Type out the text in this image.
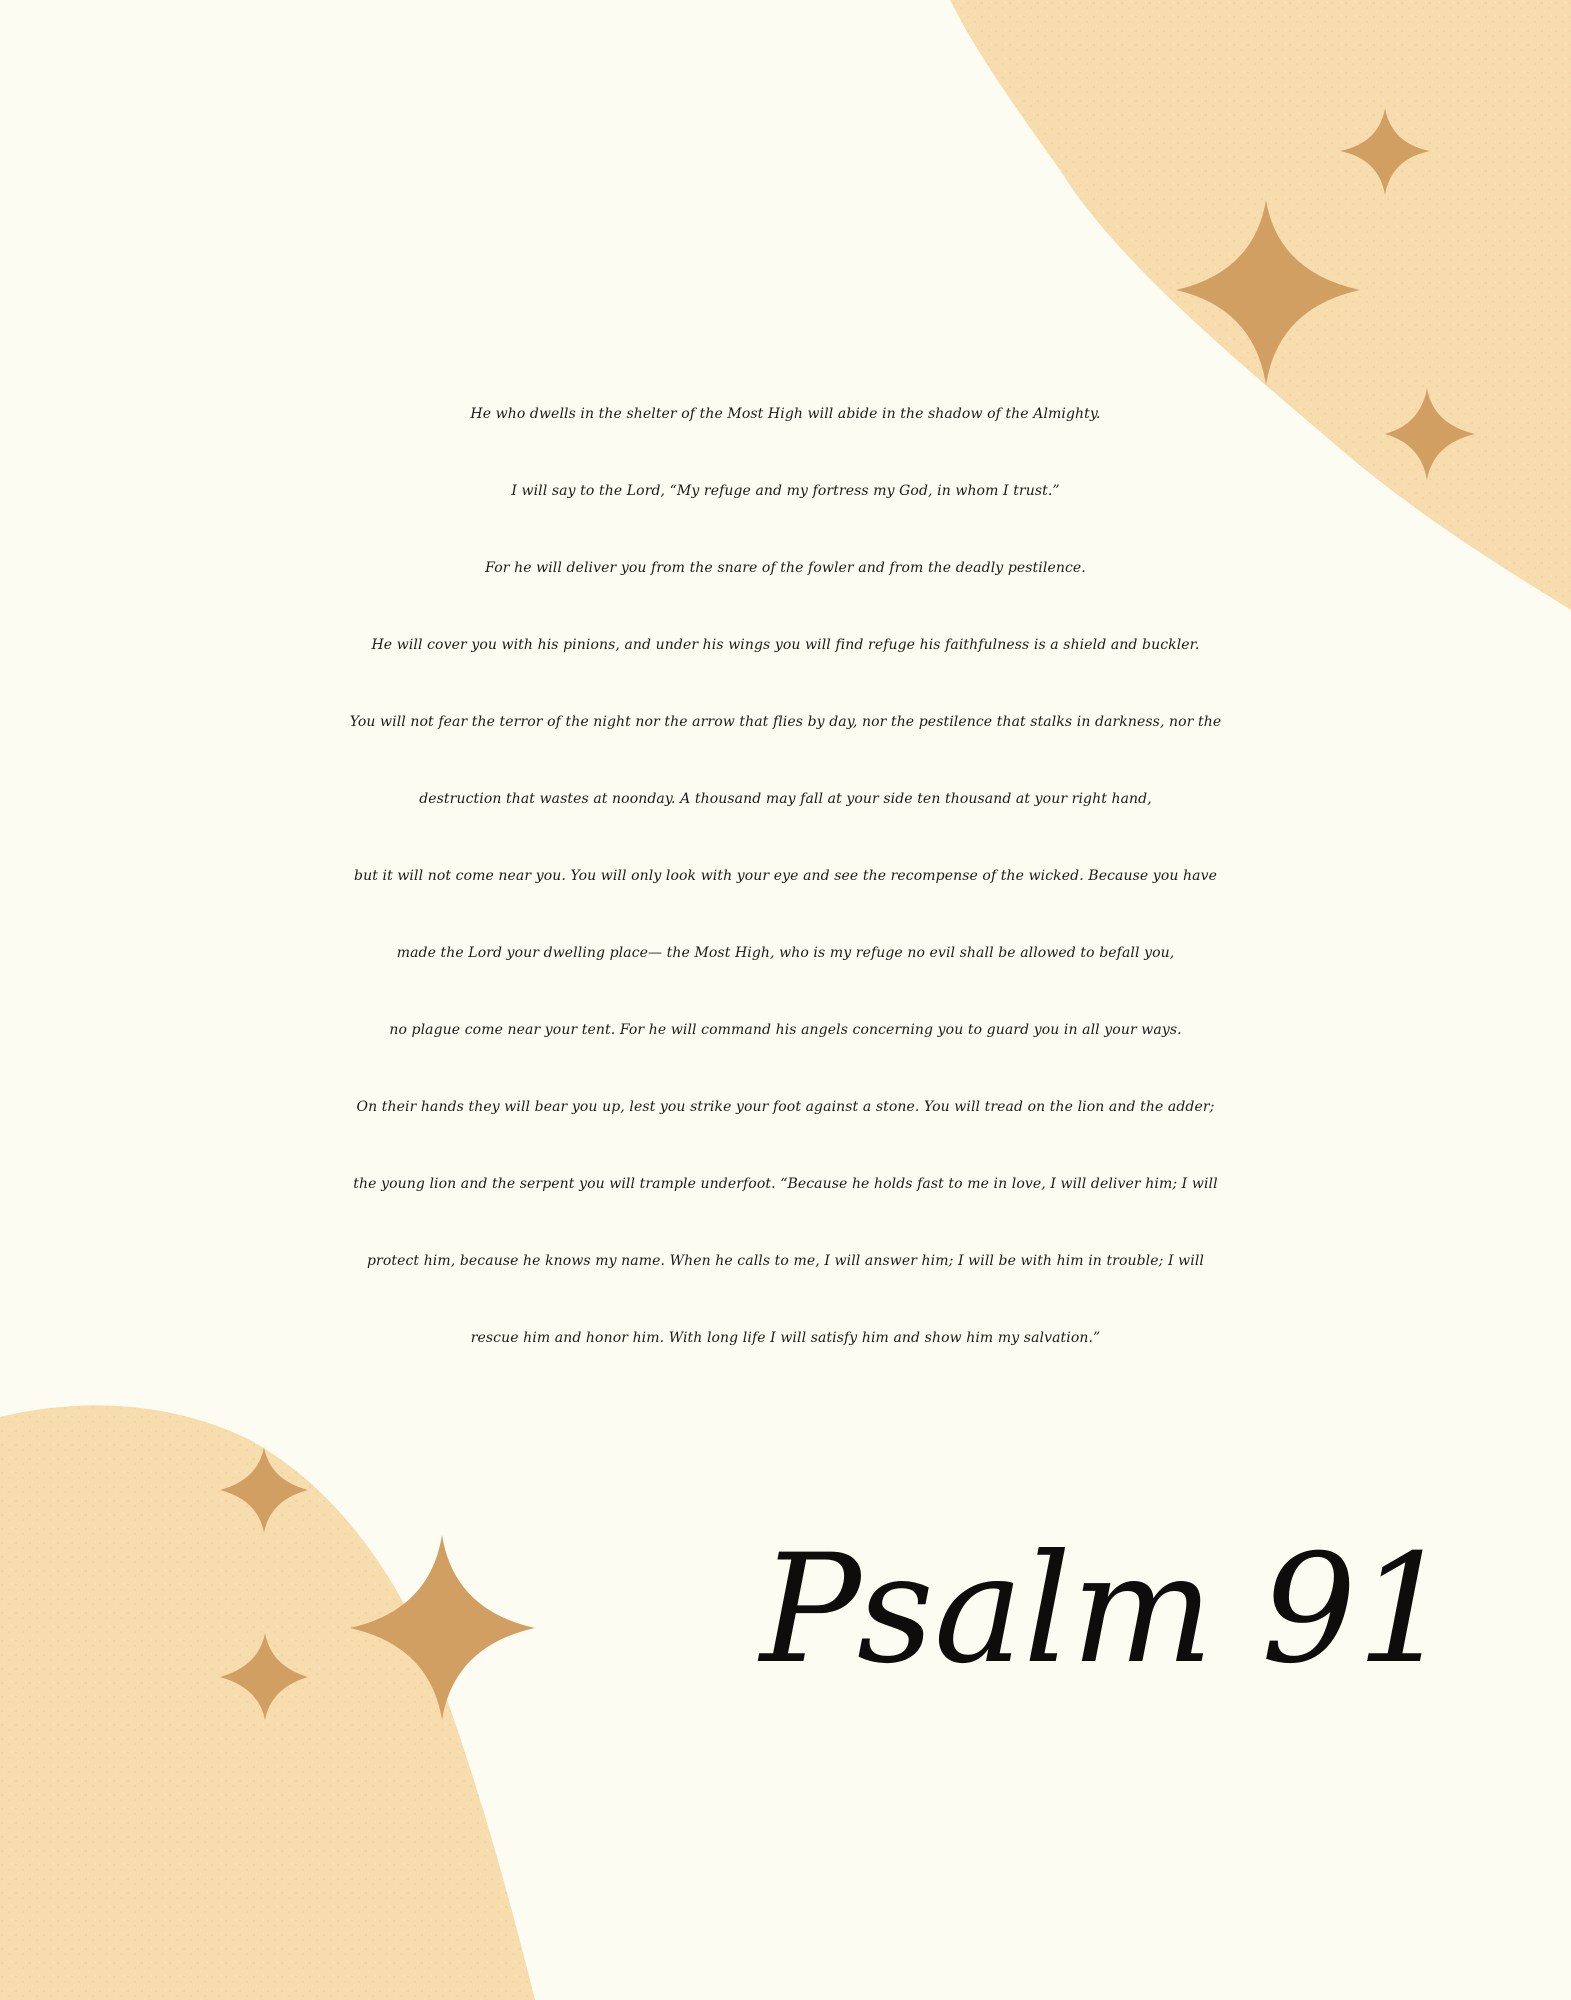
He who dwells in the shelter of the Most High will abide in the shadow of the Almighty.
I will say to the Lord, “My refuge and my fortress my God, in whom I trust.”
For he will deliver you from the snare of the fowler and from the deadly pestilence.
He will cover you with his pinions, and under his wings you will find refuge his faithfulness is a shield and buckler.
You will not fear the terror of the night nor the arrow that flies by day, nor the pestilence that stalks in darkness, nor the
destruction that wastes at noonday. A thousand may fall at your side ten thousand at your right hand,
but it will not come near you. You will only look with your eye and see the recompense of the wicked. Because you have
made the Lord your dwelling place— the Most High, who is my refuge no evil shall be allowed to befall you,
no plague come near your tent. For he will command his angels concerning you to guard you in all your ways.
On their hands they will bear you up, lest you strike your foot against a stone. You will tread on the lion and the adder;
the young lion and the serpent you will trample underfoot. “Because he holds fast to me in love, I will deliver him; I will
protect him, because he knows my name. When he calls to me, I will answer him; I will be with him in trouble; I will
rescue him and honor him. With long life I will satisfy him and show him my salvation.”
Psalm 91
